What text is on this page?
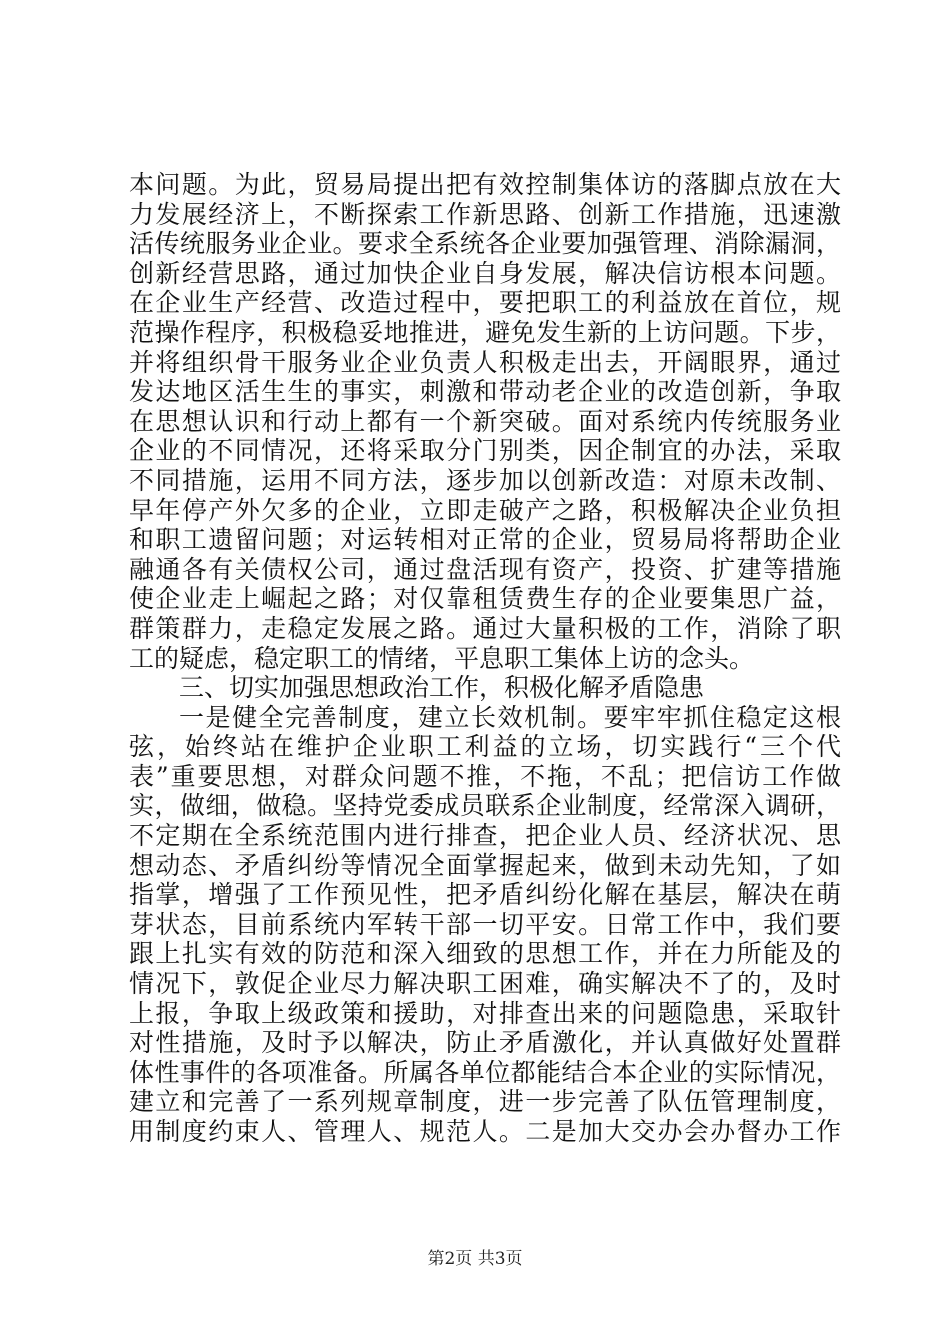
本问题。为此，贸易局提出把有效控制集体访的落脚点放在大
力发展经济上，不断探索工作新思路、创新工作措施，迅速激
活传统服务业企业。要求全系统各企业要加强管理、消除漏洞，
创新经营思路，通过加快企业自身发展，解决信访根本问题。
在企业生产经营、改造过程中，要把职工的利益放在首位，规
范操作程序，积极稳妥地推进，避免发生新的上访问题。下步，
并将组织骨干服务业企业负责人积极走出去，开阔眼界，通过
发达地区活生生的事实，刺激和带动老企业的改造创新，争取
在思想认识和行动上都有一个新突破。面对系统内传统服务业
企业的不同情况，还将采取分门别类，因企制宜的办法，采取
不同措施，运用不同方法，逐步加以创新改造：对原未改制、
早年停产外欠多的企业，立即走破产之路，积极解决企业负担
和职工遗留问题；对运转相对正常的企业，贸易局将帮助企业
融通各有关债权公司，通过盘活现有资产，投资、扩建等措施
使企业走上崛起之路；对仅靠租赁费生存的企业要集思广益，
群策群力，走稳定发展之路。通过大量积极的工作，消除了职
工的疑虑，稳定职工的情绪，平息职工集体上访的念头。
三、切实加强思想政治工作，积极化解矛盾隐患
一是健全完善制度，建立长效机制。要牢牢抓住稳定这根
弦，始终站在维护企业职工利益的立场，切实践行“三个代
表”重要思想，对群众问题不推，不拖，不乱；把信访工作做
实，做细，做稳。坚持党委成员联系企业制度，经常深入调研，
不定期在全系统范围内进行排查，把企业人员、经济状况、思
想动态、矛盾纠纷等情况全面掌握起来，做到未动先知，了如
指掌，增强了工作预见性，把矛盾纠纷化解在基层，解决在萌
芽状态，目前系统内军转干部一切平安。日常工作中，我们要
跟上扎实有效的防范和深入细致的思想工作，并在力所能及的
情况下，敦促企业尽力解决职工困难，确实解决不了的，及时
上报，争取上级政策和援助，对排查出来的问题隐患，采取针
对性措施，及时予以解决，防止矛盾激化，并认真做好处置群
体性事件的各项准备。所属各单位都能结合本企业的实际情况，
建立和完善了一系列规章制度，进一步完善了队伍管理制度，
用制度约束人、管理人、规范人。二是加大交办会办督办工作
第2页 共3页
